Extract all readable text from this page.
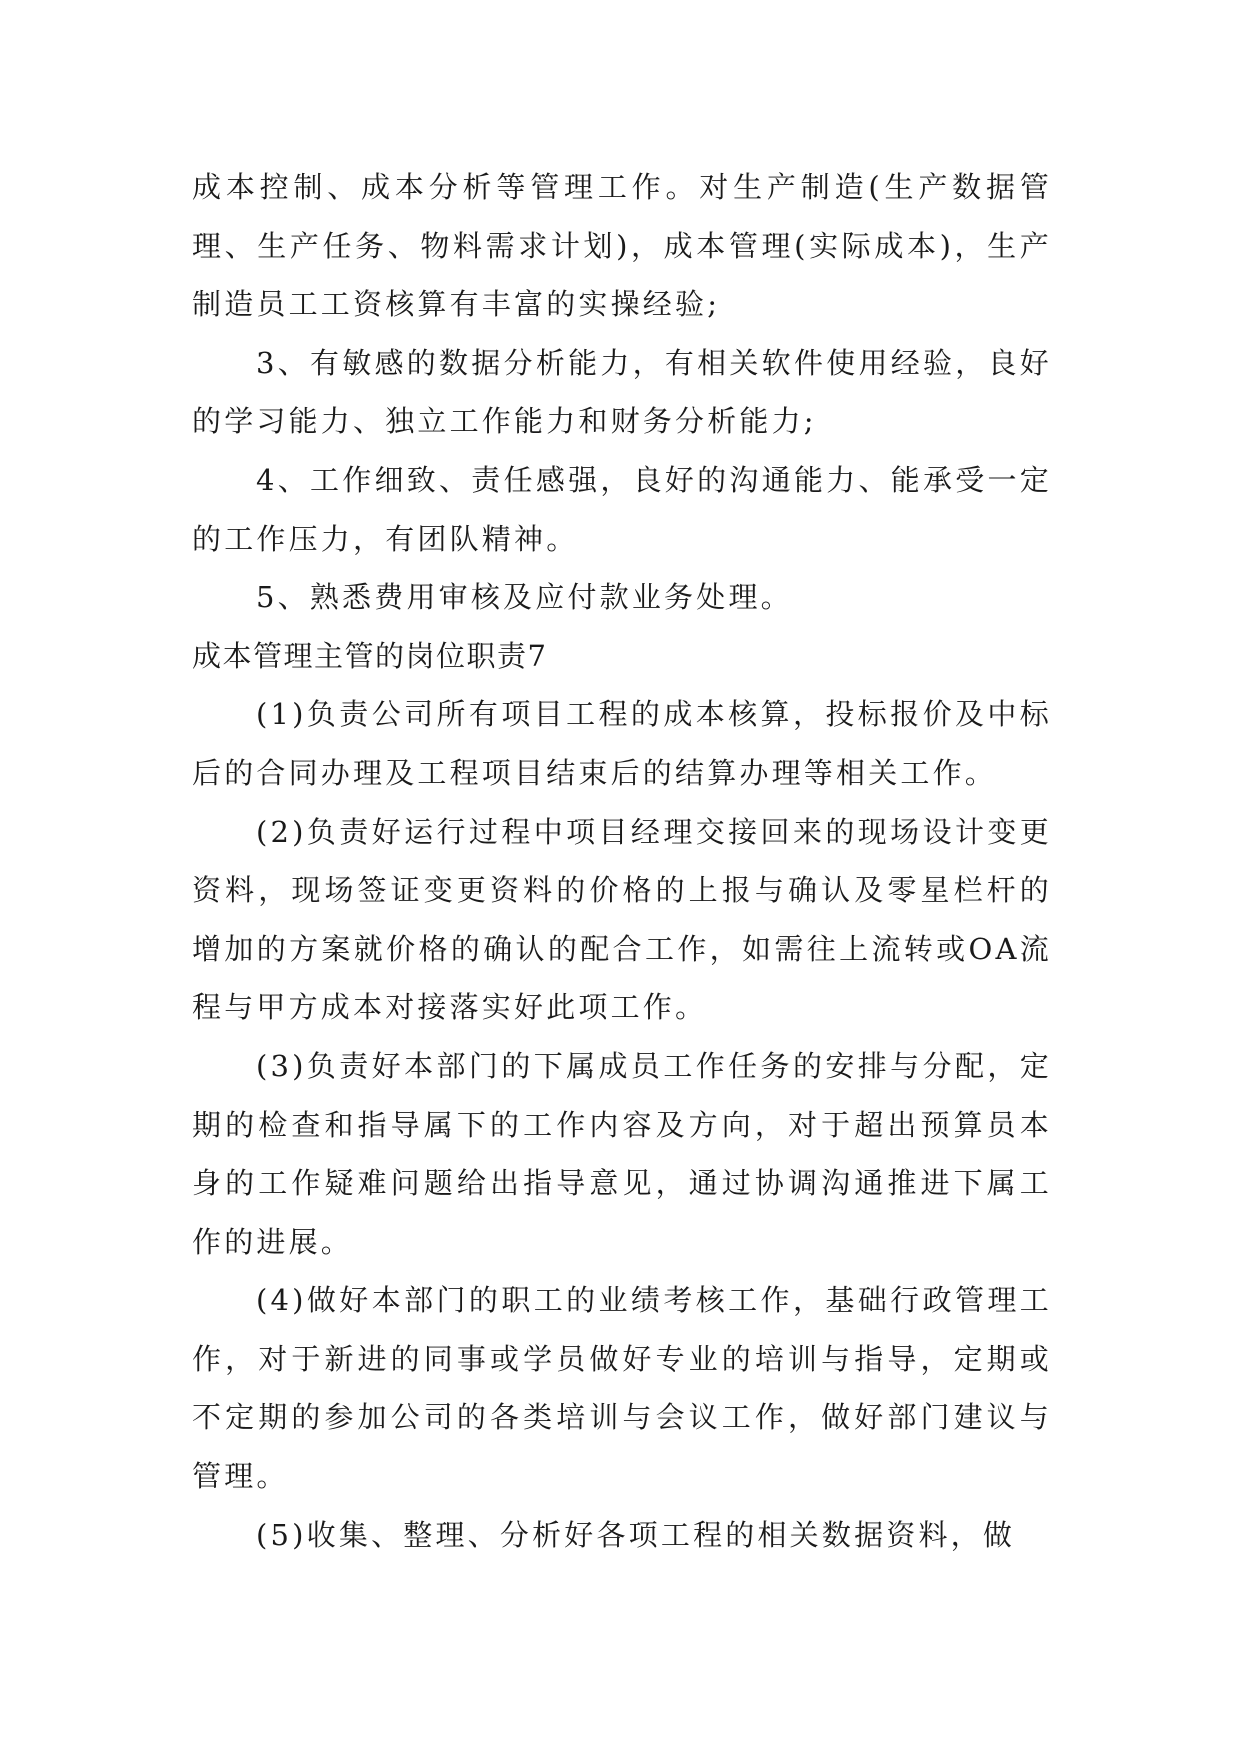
成本控制、成本分析等管理工作。对生产制造(生产数据管理、生产任务、物料需求计划)，成本管理(实际成本)，生产制造员工工资核算有丰富的实操经验;

3、有敏感的数据分析能力，有相关软件使用经验，良好的学习能力、独立工作能力和财务分析能力;

4、工作细致、责任感强，良好的沟通能力、能承受一定的工作压力，有团队精神。

5、熟悉费用审核及应付款业务处理。

成本管理主管的岗位职责7

(1)负责公司所有项目工程的成本核算，投标报价及中标后的合同办理及工程项目结束后的结算办理等相关工作。

(2)负责好运行过程中项目经理交接回来的现场设计变更资料，现场签证变更资料的价格的上报与确认及零星栏杆的增加的方案就价格的确认的配合工作，如需往上流转或OA流程与甲方成本对接落实好此项工作。

(3)负责好本部门的下属成员工作任务的安排与分配，定期的检查和指导属下的工作内容及方向，对于超出预算员本身的工作疑难问题给出指导意见，通过协调沟通推进下属工作的进展。

(4)做好本部门的职工的业绩考核工作，基础行政管理工作，对于新进的同事或学员做好专业的培训与指导，定期或不定期的参加公司的各类培训与会议工作，做好部门建议与管理。

(5)收集、整理、分析好各项工程的相关数据资料，做
